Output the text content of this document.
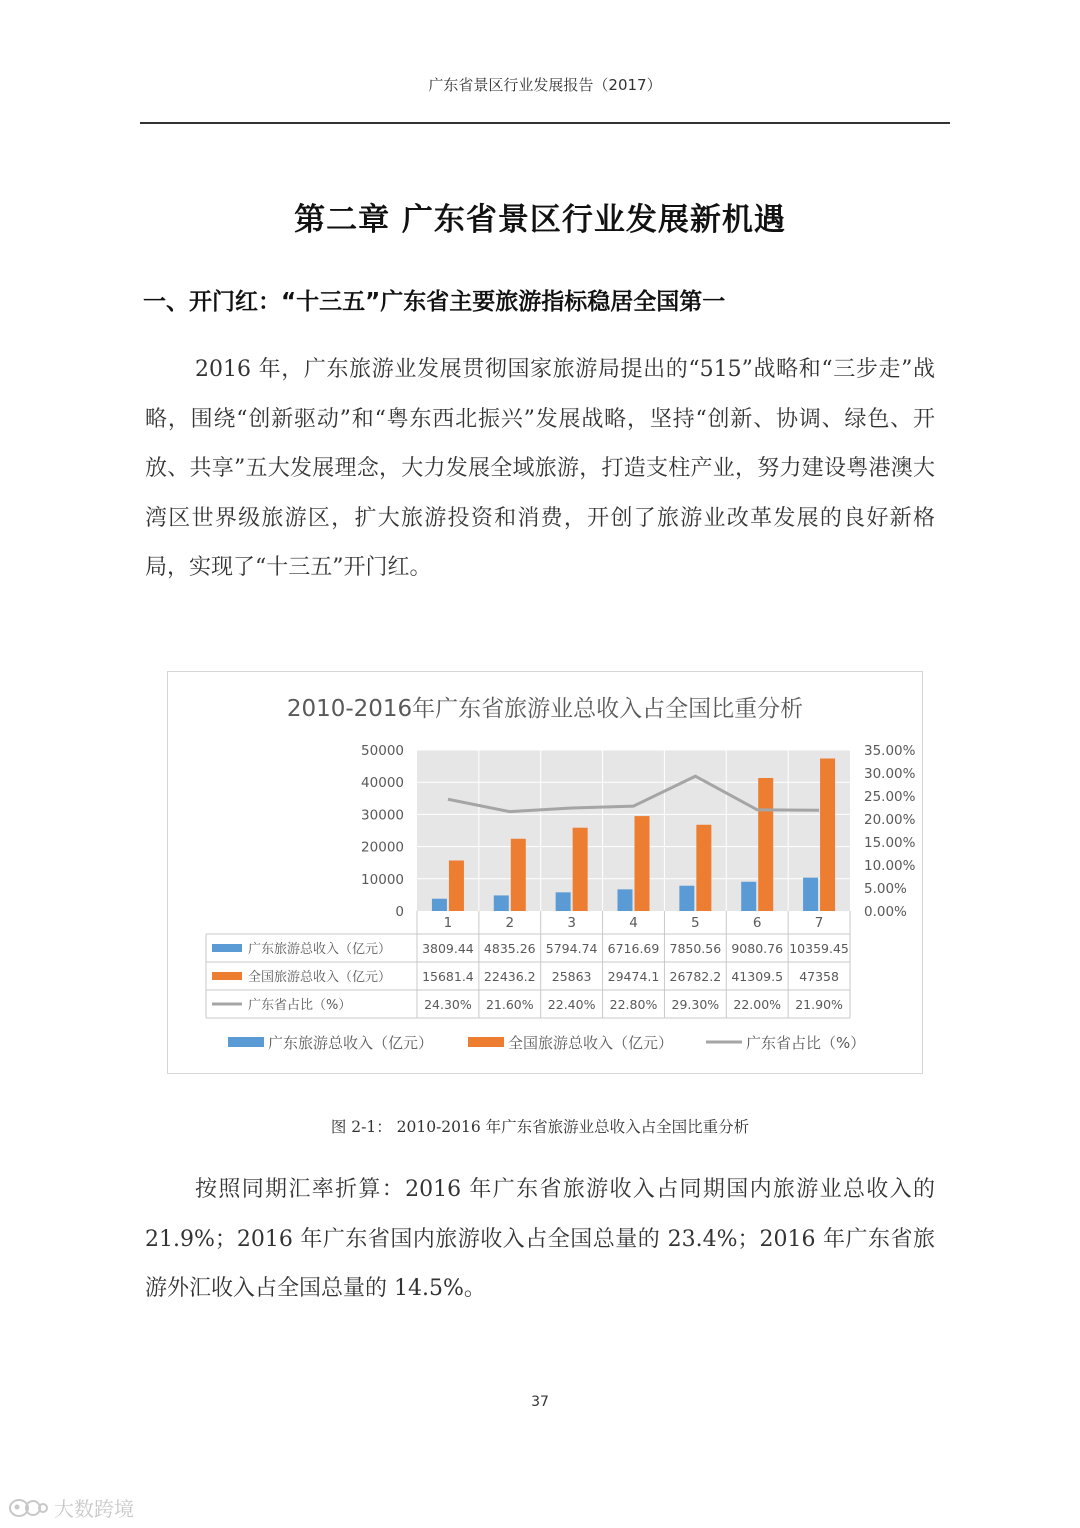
广东省景区行业发展报告（2017）
第二章 广东省景区行业发展新机遇
一、开门红：“十三五”广东省主要旅游指标稳居全国第一

2016 年，广东旅游业发展贯彻国家旅游局提出的“515”战略和“三步走”战略，围绕“创新驱动”和“粤东西北振兴”发展战略，坚持“创新、协调、绿色、开放、共享”五大发展理念，大力发展全域旅游，打造支柱产业，努力建设粤港澳大湾区世界级旅游区，扩大旅游投资和消费，开创了旅游业改革发展的良好新格局，实现了“十三五”开门红。

2010-2016年广东省旅游业总收入占全国比重分析
0
10000
20000
30000
40000
50000
0.00%
5.00%
10.00%
15.00%
20.00%
25.00%
30.00%
35.00%
1	2	3	4	5	6	7
广东旅游总收入（亿元） 3809.44 4835.26 5794.74 6716.69 7850.56 9080.76 10359.45
全国旅游总收入（亿元） 15681.4 22436.2 25863 29474.1 26782.2 41309.5 47358
广东省占比（%）	24.30% 21.60% 22.40% 22.80% 29.30% 22.00% 21.90%
广东旅游总收入（亿元）	全国旅游总收入（亿元）	广东省占比（%）
图 2-1： 2010-2016 年广东省旅游业总收入占全国比重分析

按照同期汇率折算：2016 年广东省旅游收入占同期国内旅游业总收入的 21.9%；2016 年广东省国内旅游收入占全国总量的 23.4%；2016 年广东省旅游外汇收入占全国总量的 14.5%。

37
大数跨境
